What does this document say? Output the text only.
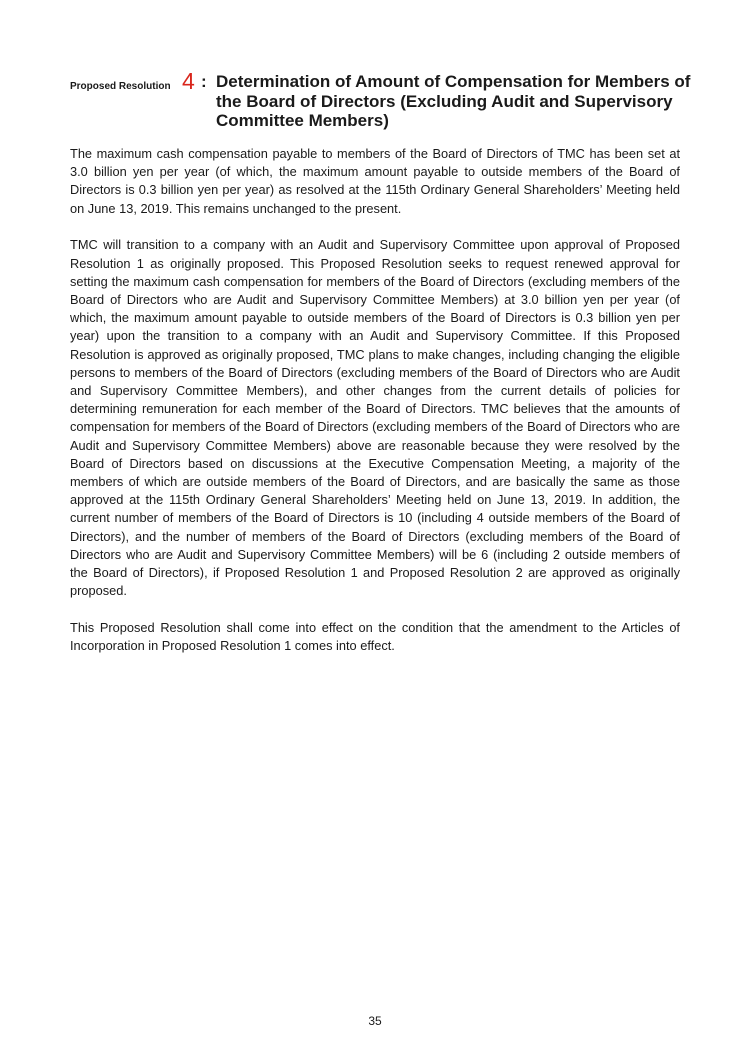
Proposed Resolution 4 : Determination of Amount of Compensation for Members of the Board of Directors (Excluding Audit and Supervisory Committee Members)

The maximum cash compensation payable to members of the Board of Directors of TMC has been set at 3.0 billion yen per year (of which, the maximum amount payable to outside members of the Board of Directors is 0.3 billion yen per year) as resolved at the 115th Ordinary General Shareholders’ Meeting held on June 13, 2019. This remains unchanged to the present.

TMC will transition to a company with an Audit and Supervisory Committee upon approval of Proposed Resolution 1 as originally proposed. This Proposed Resolution seeks to request renewed approval for setting the maximum cash compensation for members of the Board of Directors (excluding members of the Board of Directors who are Audit and Supervisory Committee Members) at 3.0 billion yen per year (of which, the maximum amount payable to outside members of the Board of Directors is 0.3 billion yen per year) upon the transition to a company with an Audit and Supervisory Committee. If this Proposed Resolution is approved as originally proposed, TMC plans to make changes, including changing the eligible persons to members of the Board of Directors (excluding members of the Board of Directors who are Audit and Supervisory Committee Members), and other changes from the current details of policies for determining remuneration for each member of the Board of Directors. TMC believes that the amounts of compensation for members of the Board of Directors (excluding members of the Board of Directors who are Audit and Supervisory Committee Members) above are reasonable because they were resolved by the Board of Directors based on discussions at the Executive Compensation Meeting, a majority of the members of which are outside members of the Board of Directors, and are basically the same as those approved at the 115th Ordinary General Shareholders’ Meeting held on June 13, 2019. In addition, the current number of members of the Board of Directors is 10 (including 4 outside members of the Board of Directors), and the number of members of the Board of Directors (excluding members of the Board of Directors who are Audit and Supervisory Committee Members) will be 6 (including 2 outside members of the Board of Directors), if Proposed Resolution 1 and Proposed Resolution 2 are approved as originally proposed.

This Proposed Resolution shall come into effect on the condition that the amendment to the Articles of Incorporation in Proposed Resolution 1 comes into effect.

35
